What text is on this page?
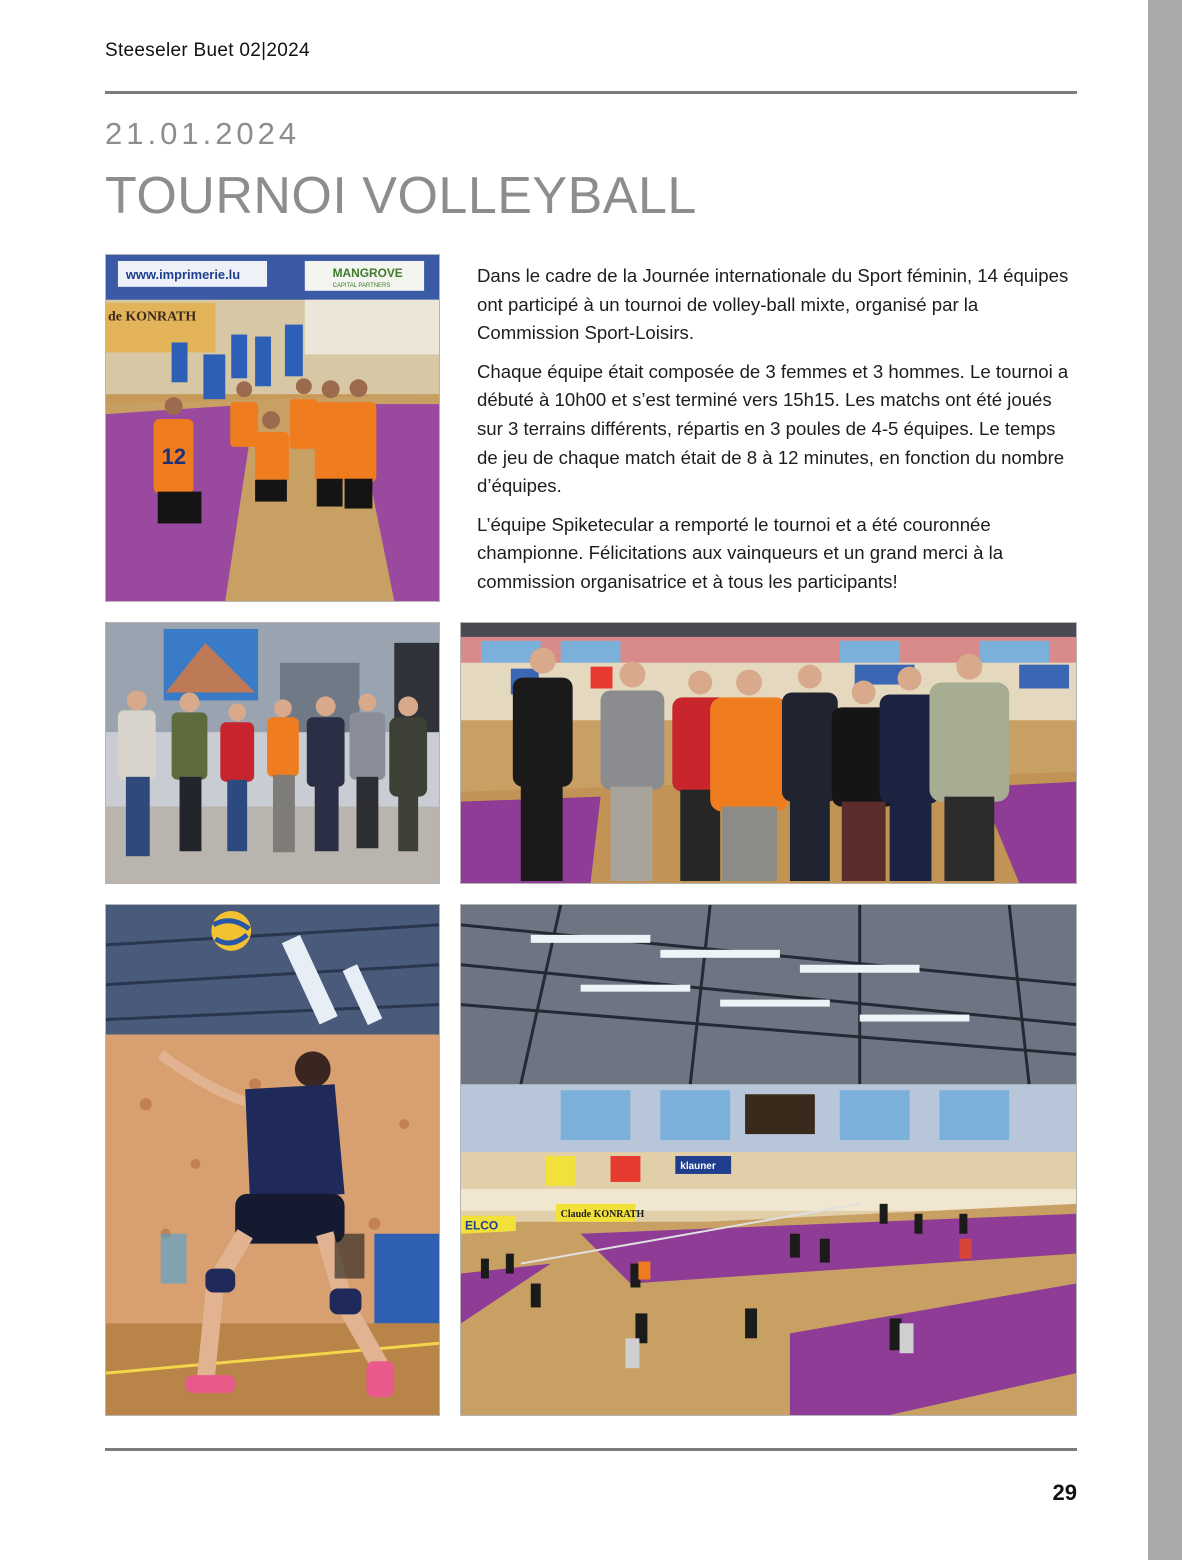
Steeseler Buet 02|2024
21.01.2024
TOURNOI VOLLEYBALL

Dans le cadre de la Journée internationale du Sport féminin, 14 équipes ont participé à un tournoi de volley-ball mixte, organisé par la Commission Sport-Loisirs.

Chaque équipe était composée de 3 femmes et 3 hommes. Le tournoi a débuté à 10h00 et s’est terminé vers 15h15. Les matchs ont été joués sur 3 terrains différents, répartis en 3 poules de 4-5 équipes. Le temps de jeu de chaque match était de 8 à 12 minutes, en fonction du nombre d’équipes.

L’équipe Spiketecular a remporté le tournoi et a été couronnée championne. Félicitations aux vainqueurs et un grand merci à la commission organisatrice et à tous les participants!

www.imprimerie.lu	MANGROVE
CAPITAL PARTNERS
de KONRATH
12
klauner
Claude KONRATH
ELCO
29
